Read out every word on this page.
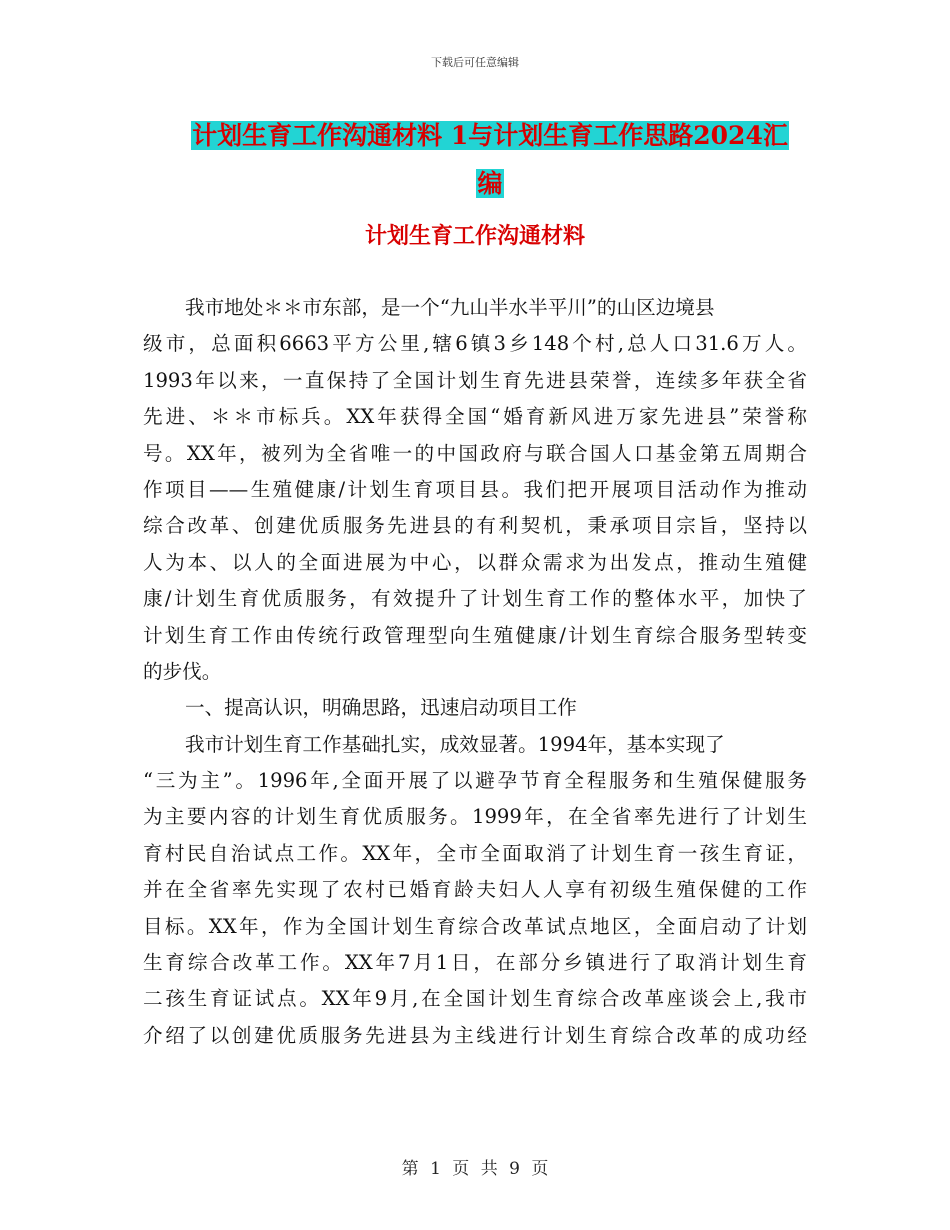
下载后可任意编辑
计划生育工作沟通材料 1与计划生育工作思路2024汇
编
计划生育工作沟通材料
我市地处＊＊市东部，是一个“九山半水半平川”的山区边境县
级市，总面积6663平方公里,辖6镇3乡148个村,总人口31.6万人。
1993年以来，一直保持了全国计划生育先进县荣誉，连续多年获全省
先进、＊＊市标兵。XX年获得全国“婚育新风进万家先进县”荣誉称
号。XX年，被列为全省唯一的中国政府与联合国人口基金第五周期合
作项目——生殖健康/计划生育项目县。我们把开展项目活动作为推动
综合改革、创建优质服务先进县的有利契机，秉承项目宗旨，坚持以
人为本、以人的全面进展为中心，以群众需求为出发点，推动生殖健
康/计划生育优质服务，有效提升了计划生育工作的整体水平，加快了
计划生育工作由传统行政管理型向生殖健康/计划生育综合服务型转变
的步伐。
一、提高认识，明确思路，迅速启动项目工作
我市计划生育工作基础扎实，成效显著。1994年，基本实现了
“三为主”。1996年,全面开展了以避孕节育全程服务和生殖保健服务
为主要内容的计划生育优质服务。1999年，在全省率先进行了计划生
育村民自治试点工作。XX年，全市全面取消了计划生育一孩生育证，
并在全省率先实现了农村已婚育龄夫妇人人享有初级生殖保健的工作
目标。XX年，作为全国计划生育综合改革试点地区，全面启动了计划
生育综合改革工作。XX年7月1日，在部分乡镇进行了取消计划生育
二孩生育证试点。XX年9月,在全国计划生育综合改革座谈会上,我市
介绍了以创建优质服务先进县为主线进行计划生育综合改革的成功经
第 1 页 共 9 页
